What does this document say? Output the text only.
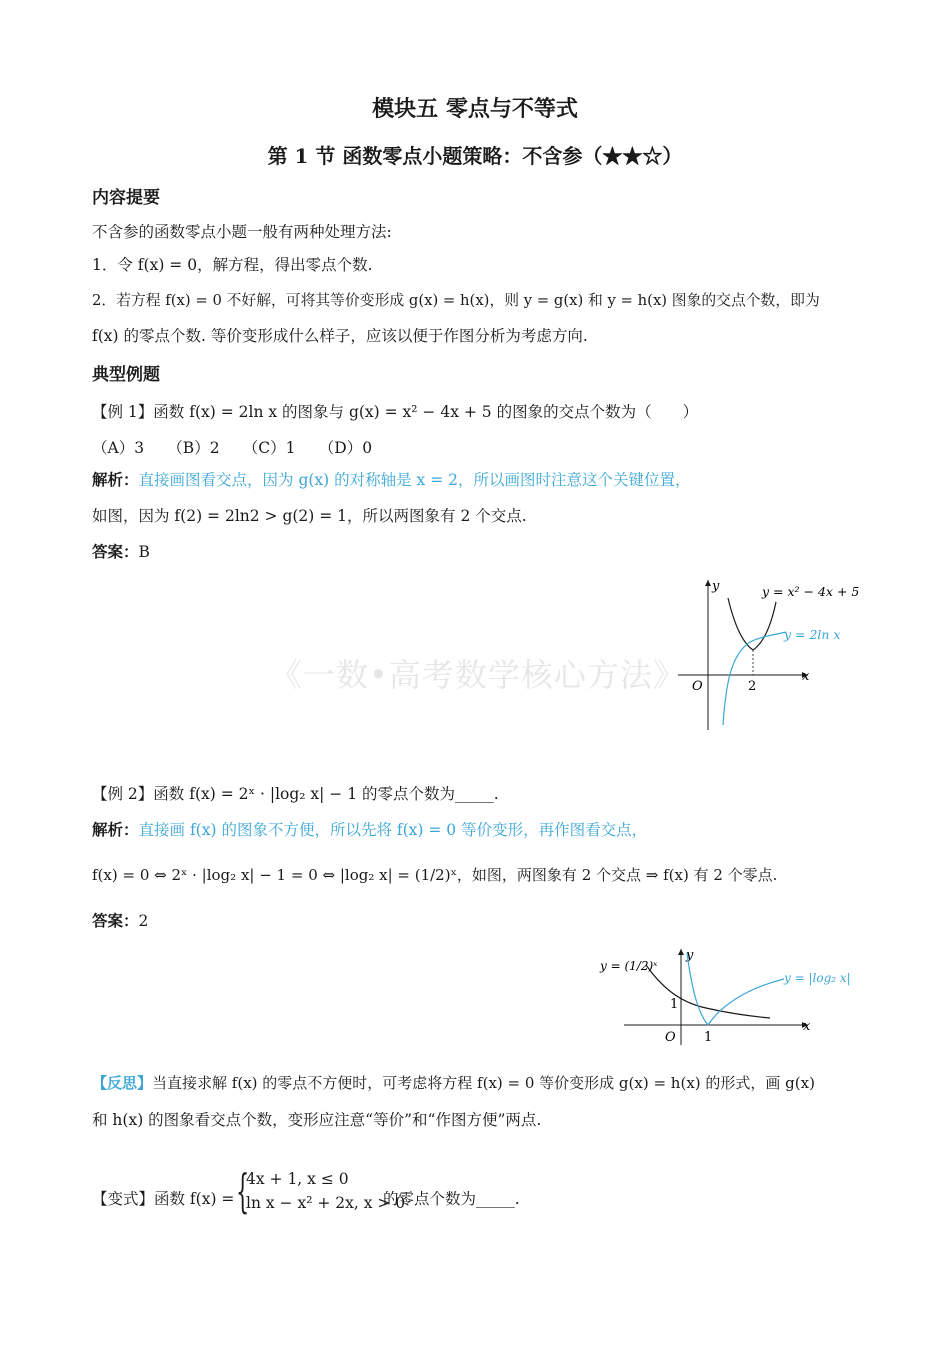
模块五 零点与不等式
第 1 节 函数零点小题策略：不含参（★★☆）
内容提要
不含参的函数零点小题一般有两种处理方法:
1．令 f(x) = 0，解方程，得出零点个数.
2．若方程 f(x) = 0 不好解，可将其等价变形成 g(x) = h(x)，则 y = g(x) 和 y = h(x) 图象的交点个数，即为
f(x) 的零点个数. 等价变形成什么样子，应该以便于作图分析为考虑方向.
典型例题
【例 1】函数 f(x) = 2ln x 的图象与 g(x) = x² − 4x + 5 的图象的交点个数为（　　）
（A）3　　（B）2　　（C）1　　（D）0
解析：直接画图看交点，因为 g(x) 的对称轴是 x = 2，所以画图时注意这个关键位置，
如图，因为 f(2) = 2ln2 > g(2) = 1，所以两图象有 2 个交点.
答案：B
y
x
O	2
y = x² − 4x + 5
y = 2ln x
《一数•高考数学核心方法》
【例 2】函数 f(x) = 2ˣ · |log₂ x| − 1 的零点个数为_____.
解析：直接画 f(x) 的图象不方便，所以先将 f(x) = 0 等价变形，再作图看交点，
f(x) = 0 ⇔ 2ˣ · |log₂ x| − 1 = 0 ⇔ |log₂ x| = (1/2)ˣ，如图，两图象有 2 个交点 ⇒ f(x) 有 2 个零点.
答案：2
y
x
O 1
1
y = (1/2)ˣ
y = |log₂ x|
【反思】当直接求解 f(x) 的零点不方便时，可考虑将方程 f(x) = 0 等价变形成 g(x) = h(x) 的形式，画 g(x)
和 h(x) 的图象看交点个数，变形应注意“等价”和“作图方便”两点.
【变式】函数 f(x) = {
4x + 1, x ≤ 0
ln x − x² + 2x, x > 0
的零点个数为_____.
